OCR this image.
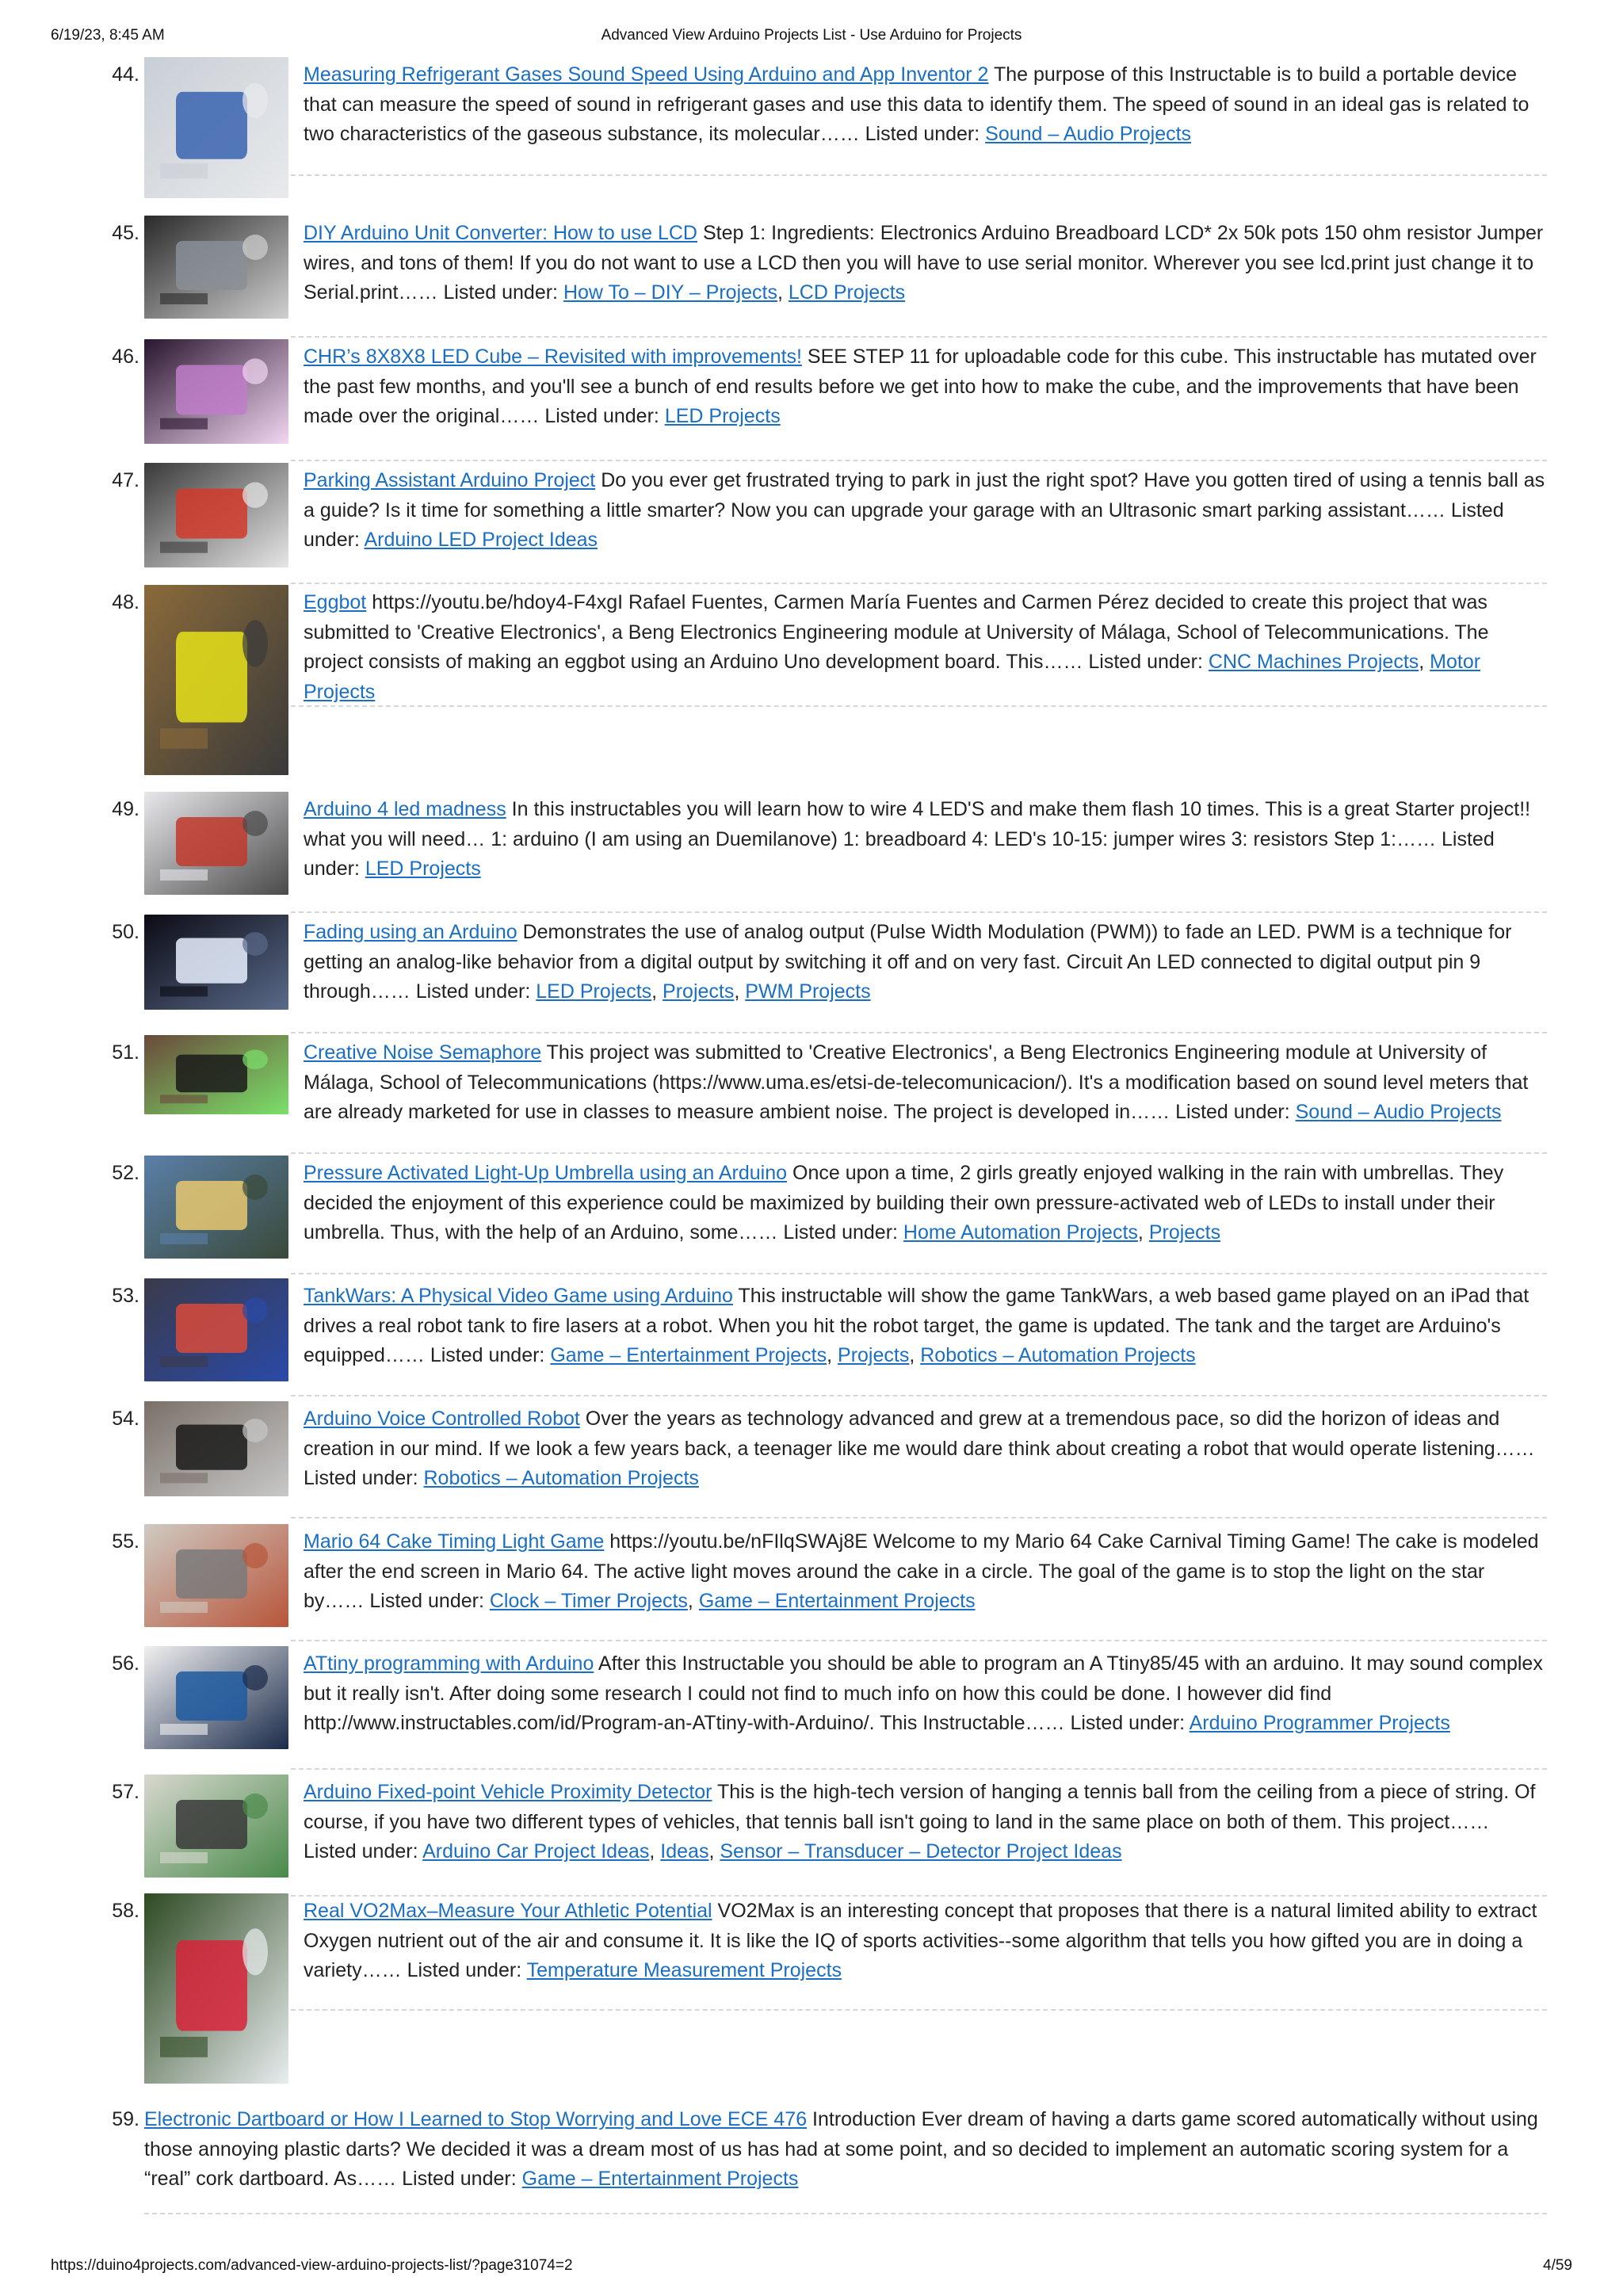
6/19/23, 8:45 AM	Advanced View Arduino Projects List - Use Arduino for Projects
44.	Measuring Refrigerant Gases Sound Speed Using Arduino and App Inventor 2 The purpose of this Instructable is to build a portable device that can measure the speed of sound in refrigerant gases and use this data to identify them. The speed of sound in an ideal gas is related to two characteristics of the gaseous substance, its molecular…… Listed under: Sound – Audio Projects
45.	DIY Arduino Unit Converter: How to use LCD Step 1: Ingredients: Electronics Arduino Breadboard LCD* 2x 50k pots 150 ohm resistor Jumper wires, and tons of them! If you do not want to use a LCD then you will have to use serial monitor. Wherever you see lcd.print just change it to Serial.print…… Listed under: How To – DIY – Projects, LCD Projects
46.	CHR’s 8X8X8 LED Cube – Revisited with improvements! SEE STEP 11 for uploadable code for this cube. This instructable has mutated over the past few months, and you'll see a bunch of end results before we get into how to make the cube, and the improvements that have been made over the original…… Listed under: LED Projects
47.	Parking Assistant Arduino Project Do you ever get frustrated trying to park in just the right spot? Have you gotten tired of using a tennis ball as a guide? Is it time for something a little smarter? Now you can upgrade your garage with an Ultrasonic smart parking assistant…… Listed under: Arduino LED Project Ideas
48.	Eggbot https://youtu.be/hdoy4-F4xgI Rafael Fuentes, Carmen María Fuentes and Carmen Pérez decided to create this project that was submitted to 'Creative Electronics', a Beng Electronics Engineering module at University of Málaga, School of Telecommunications. The project consists of making an eggbot using an Arduino Uno development board. This…… Listed under: CNC Machines Projects, Motor Projects
49.	Arduino 4 led madness In this instructables you will learn how to wire 4 LED'S and make them flash 10 times. This is a great Starter project!! what you will need… 1: arduino (I am using an Duemilanove) 1: breadboard 4: LED's 10-15: jumper wires 3: resistors Step 1:…… Listed under: LED Projects
50.	Fading using an Arduino Demonstrates the use of analog output (Pulse Width Modulation (PWM)) to fade an LED. PWM is a technique for getting an analog-like behavior from a digital output by switching it off and on very fast. Circuit An LED connected to digital output pin 9 through…… Listed under: LED Projects, Projects, PWM Projects
51.	Creative Noise Semaphore This project was submitted to 'Creative Electronics', a Beng Electronics Engineering module at University of Málaga, School of Telecommunications (https://www.uma.es/etsi-de-telecomunicacion/). It's a modification based on sound level meters that are already marketed for use in classes to measure ambient noise. The project is developed in…… Listed under: Sound – Audio Projects
52.	Pressure Activated Light-Up Umbrella using an Arduino Once upon a time, 2 girls greatly enjoyed walking in the rain with umbrellas. They decided the enjoyment of this experience could be maximized by building their own pressure-activated web of LEDs to install under their umbrella. Thus, with the help of an Arduino, some…… Listed under: Home Automation Projects, Projects
53.	TankWars: A Physical Video Game using Arduino This instructable will show the game TankWars, a web based game played on an iPad that drives a real robot tank to fire lasers at a robot. When you hit the robot target, the game is updated. The tank and the target are Arduino's equipped…… Listed under: Game – Entertainment Projects, Projects, Robotics – Automation Projects
54.	Arduino Voice Controlled Robot Over the years as technology advanced and grew at a tremendous pace, so did the horizon of ideas and creation in our mind. If we look a few years back, a teenager like me would dare think about creating a robot that would operate listening…… Listed under: Robotics – Automation Projects
55.	Mario 64 Cake Timing Light Game https://youtu.be/nFIlqSWAj8E Welcome to my Mario 64 Cake Carnival Timing Game! The cake is modeled after the end screen in Mario 64. The active light moves around the cake in a circle. The goal of the game is to stop the light on the star by…… Listed under: Clock – Timer Projects, Game – Entertainment Projects
56.	ATtiny programming with Arduino After this Instructable you should be able to program an A Ttiny85/45 with an arduino. It may sound complex but it really isn't. After doing some research I could not find to much info on how this could be done. I however did find http://www.instructables.com/id/Program-an-ATtiny-with-Arduino/. This Instructable…… Listed under: Arduino Programmer Projects
57.	Arduino Fixed-point Vehicle Proximity Detector This is the high-tech version of hanging a tennis ball from the ceiling from a piece of string. Of course, if you have two different types of vehicles, that tennis ball isn't going to land in the same place on both of them. This project…… Listed under: Arduino Car Project Ideas, Ideas, Sensor – Transducer – Detector Project Ideas
58.	Real VO2Max–Measure Your Athletic Potential VO2Max is an interesting concept that proposes that there is a natural limited ability to extract Oxygen nutrient out of the air and consume it. It is like the IQ of sports activities--some algorithm that tells you how gifted you are in doing a variety…… Listed under: Temperature Measurement Projects
59. Electronic Dartboard or How I Learned to Stop Worrying and Love ECE 476 Introduction Ever dream of having a darts game scored automatically without using those annoying plastic darts? We decided it was a dream most of us has had at some point, and so decided to implement an automatic scoring system for a “real” cork dartboard. As…… Listed under: Game – Entertainment Projects
https://duino4projects.com/advanced-view-arduino-projects-list/?page31074=2	4/59
